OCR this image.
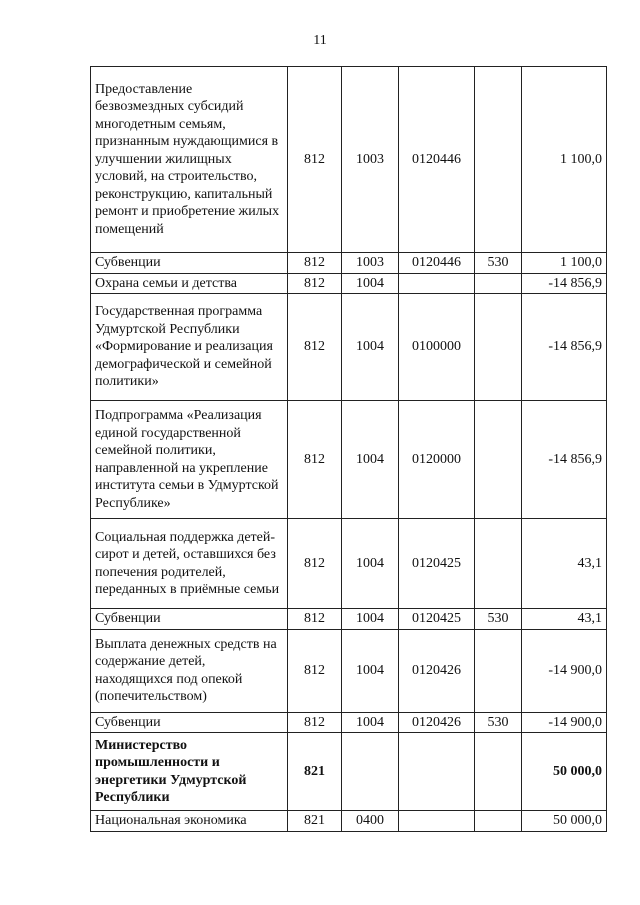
11
Предоставление безвозмездных субсидий многодетным семьям, признанным нуждающимися в улучшении жилищных условий, на строительство, реконструкцию, капитальный ремонт и приобретение жилых помещений	812	1003	0120446		1 100,0
Субвенции	812	1003	0120446	530	1 100,0
Охрана семьи и детства	812	1004			-14 856,9
Государственная программа Удмуртской Республики «Формирование и реализация демографической и семейной политики»	812	1004	0100000		-14 856,9
Подпрограмма «Реализация единой государственной семейной политики, направленной на укрепление института семьи в Удмуртской Республике»	812	1004	0120000		-14 856,9
Социальная поддержка детей-сирот и детей, оставшихся без попечения родителей, переданных в приёмные семьи	812	1004	0120425		43,1
Субвенции	812	1004	0120425	530	43,1
Выплата денежных средств на содержание детей, находящихся под опекой (попечительством)	812	1004	0120426		-14 900,0
Субвенции	812	1004	0120426	530	-14 900,0
Министерство промышленности и энергетики Удмуртской Республики	821				50 000,0
Национальная экономика	821	0400			50 000,0
